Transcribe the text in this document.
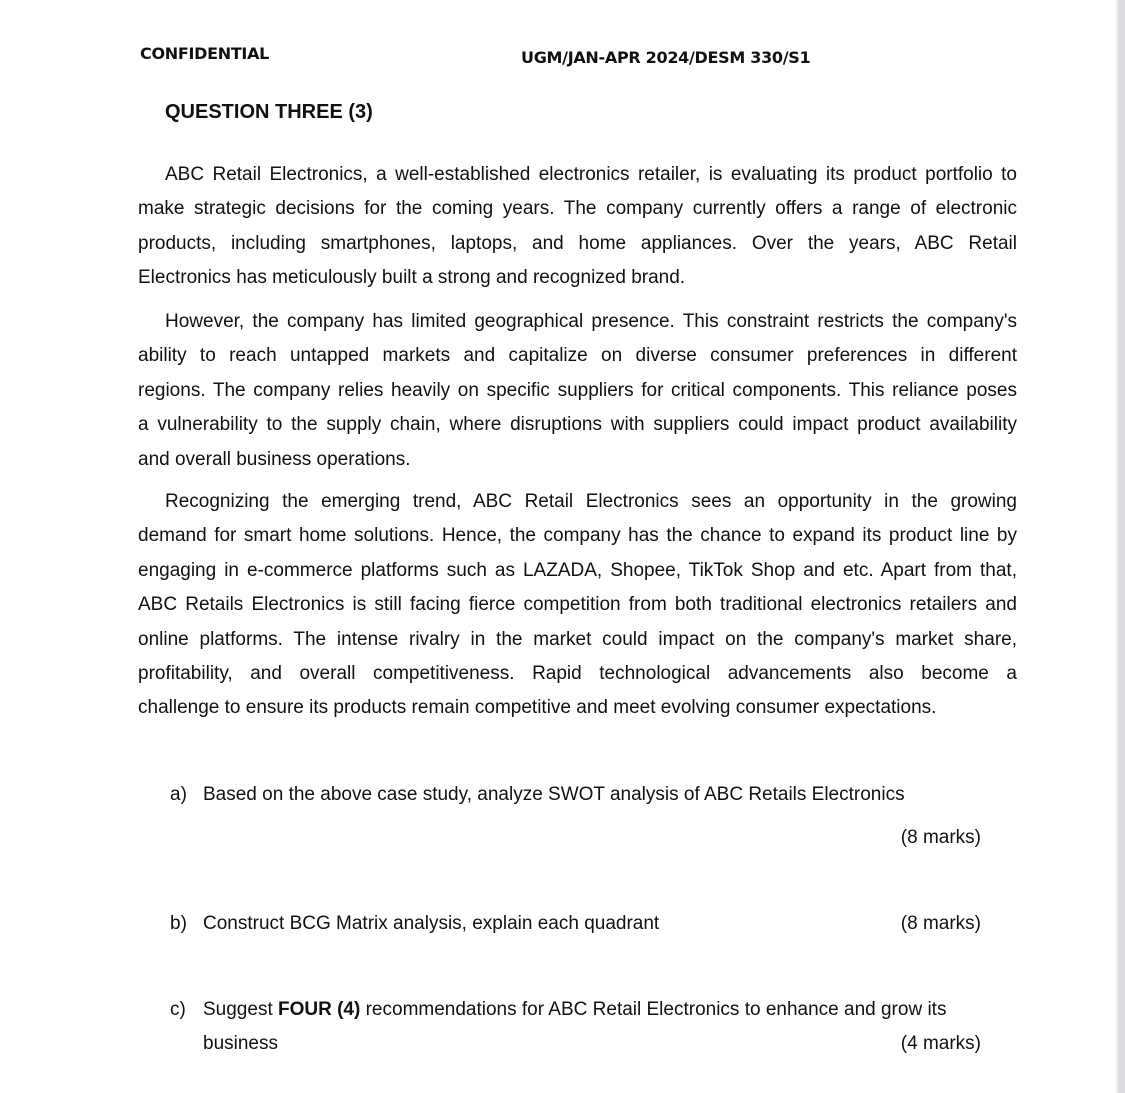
CONFIDENTIAL	UGM/JAN-APR 2024/DESM 330/S1
QUESTION THREE (3)
ABC Retail Electronics, a well-established electronics retailer, is evaluating its product portfolio to
make strategic decisions for the coming years. The company currently offers a range of electronic
products, including smartphones, laptops, and home appliances. Over the years, ABC Retail
Electronics has meticulously built a strong and recognized brand.
However, the company has limited geographical presence. This constraint restricts the company's
ability to reach untapped markets and capitalize on diverse consumer preferences in different
regions. The company relies heavily on specific suppliers for critical components. This reliance poses
a vulnerability to the supply chain, where disruptions with suppliers could impact product availability
and overall business operations.
Recognizing the emerging trend, ABC Retail Electronics sees an opportunity in the growing
demand for smart home solutions. Hence, the company has the chance to expand its product line by
engaging in e-commerce platforms such as LAZADA, Shopee, TikTok Shop and etc. Apart from that,
ABC Retails Electronics is still facing fierce competition from both traditional electronics retailers and
online platforms. The intense rivalry in the market could impact on the company's market share,
profitability, and overall competitiveness. Rapid technological advancements also become a
challenge to ensure its products remain competitive and meet evolving consumer expectations.
a) Based on the above case study, analyze SWOT analysis of ABC Retails Electronics
(8 marks)
b) Construct BCG Matrix analysis, explain each quadrant	(8 marks)
c) Suggest FOUR (4) recommendations for ABC Retail Electronics to enhance and grow its
business	(4 marks)
